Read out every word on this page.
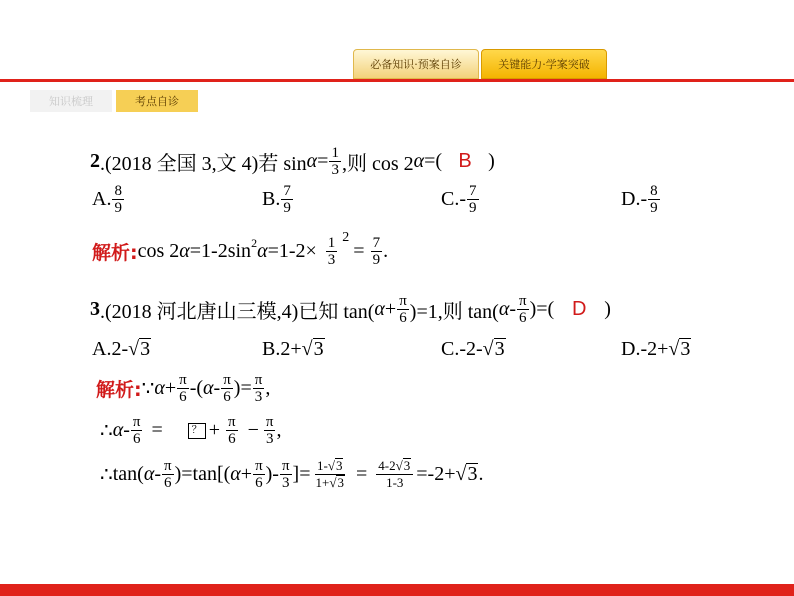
必备知识·预案自诊	关键能力·学案突破
知识梳理	考点自诊
2 .(2018 全国 3,文 4)若 $\sin \alpha = \frac{1}{3}$ ,则 cos 2 α =( B )
A. $\frac{8}{9}$	B. $\frac{7}{9}$	C. - $\frac{7}{9}$	D. - $\frac{8}{9}$
解析: cos 2 α =1-2sin 2 $\alpha =1-2\times \frac{1}{3} 2$
= $\frac{7}{9}$ .
3 .(2018 河北唐山三模,4)已知 tan( $\alpha + \frac{\pi}{6} )=1$,则 tan( α - $\frac{\pi}{6}$ )=( D )
A. 2- √ 3	B. 2+ √ 3	C. -2- √ 3	D. -2+ √ 3
解析: ∵ $\alpha + \frac{\pi}{6}$ -( α - $\frac{\pi}{6}$ )= $\frac{\pi}{3}$ ,
∴ α - $\frac{\pi}{6}$ =	？ + $\frac{\pi}{6} - \frac{\pi}{3}$ ,
∴ tan( $\alpha - \frac{\pi}{6} )=\tan$[( $\alpha + \frac{\pi}{6}$ )- $\frac{\pi}{3}$ ]= $\frac{1-√ 3}{1+√ 3} = \frac{4-2√ 3}{1-3} =-2+$ √ 3 .
